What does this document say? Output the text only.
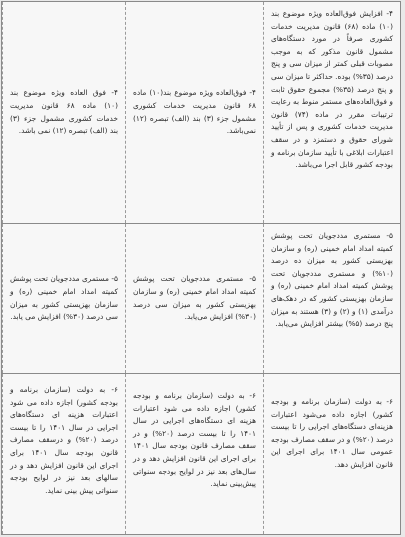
۴- افزایش فوق‌العاده ویژه موضوع بند (۱۰) ماده (۶۸) قانون مدیریت خدمات کشوری صرفاً در مورد دستگاه‌های مشمول قانون مذکور که به موجب مصوبات قبلی کمتر از میزان سی و پنج درصد (۳۵%) بوده. حداکثر تا میزان سی و پنج درصد (۳۵%) مجموع حقوق ثابت و فوق‌العاده‌های مستمر منوط به رعایت ترتیبات مقرر در ماده (۷۴) قانون مدیریت خدمات کشوری و پس از تأیید شورای حقوق و دستمزد و در سقف اعتبارات ابلاغی با تأیید سازمان برنامه و بودجه کشور قابل اجرا می‌باشد.
۴- فوق‌العاده ویژه موضوع بند(۱۰) ماده ۶۸ قانون مدیریت خدمات کشوری مشمول جزء (۳) بند (الف) تبصره (۱۲) نمی‌باشد.
۴- فوق العاده ویژه موضوع بند (۱۰) ماده ۶۸ قانون مدیریت خدمات کشوری مشمول جزء (۳) بند (الف) تبصره (۱۲) نمی باشد.
۵- مستمری مددجویان تحت پوشش کمیته امداد امام خمینی (ره) و سازمان بهزیستی کشور به میزان ده درصد (۱۰%) و مستمری مددجویان تحت پوشش کمیته امداد امام خمینی (ره) و سازمان بهزیستی کشور که در دهک‌های درآمدی (۱) و (۲) و (۳) هستند به میزان پنج درصد (۵%) بیشتر افزایش می‌یابد.
۵- مستمری مددجویان تحت پوشش کمیته امداد امام خمینی (ره) و سازمان بهزیستی کشور به میزان سی درصد (۳۰%) افزایش می‌یابد.
۵- مستمری مددجویان تحت پوشش کمیته امداد امام خمینی (ره) و سازمان بهزیستی کشور به میزان سی درصد (۳۰%) افزایش می یابد.
۶- به دولت (سازمان برنامه و بودجه کشور) اجازه داده می‌شود اعتبارات هزینه‌ای دستگاه‌های اجرایی را تا بیست درصد (۲۰%) و در سقف مصارف بودجه عمومی سال ۱۴۰۱ برای اجرای این قانون افزایش دهد.
۶- به دولت (سازمان برنامه و بودجه کشور) اجازه داده می شود اعتبارات هزینه ای دستگاه‌های اجرایی در سال ۱۴۰۱ را تا بیست درصد (۲۰%) و در سقف مصارف قانون بودجه سال ۱۴۰۱ برای اجرای این قانون افزایش دهد و در سال‌های بعد نیز در لوایح بودجه سنواتی پیش‌بینی نماید.
۶- به دولت (سازمان برنامه و بودجه کشور) اجازه داده می شود اعتبارات هزینه ای دستگاه‌های اجرایی در سال ۱۴۰۱ را تا بیست درصد (۲۰%) و درسقف مصارف قانون بودجه سال ۱۴۰۱ برای اجرای این قانون افزایش دهد و در سالهای بعد نیز در لوایح بودجه سنواتی پیش بینی نماید.
